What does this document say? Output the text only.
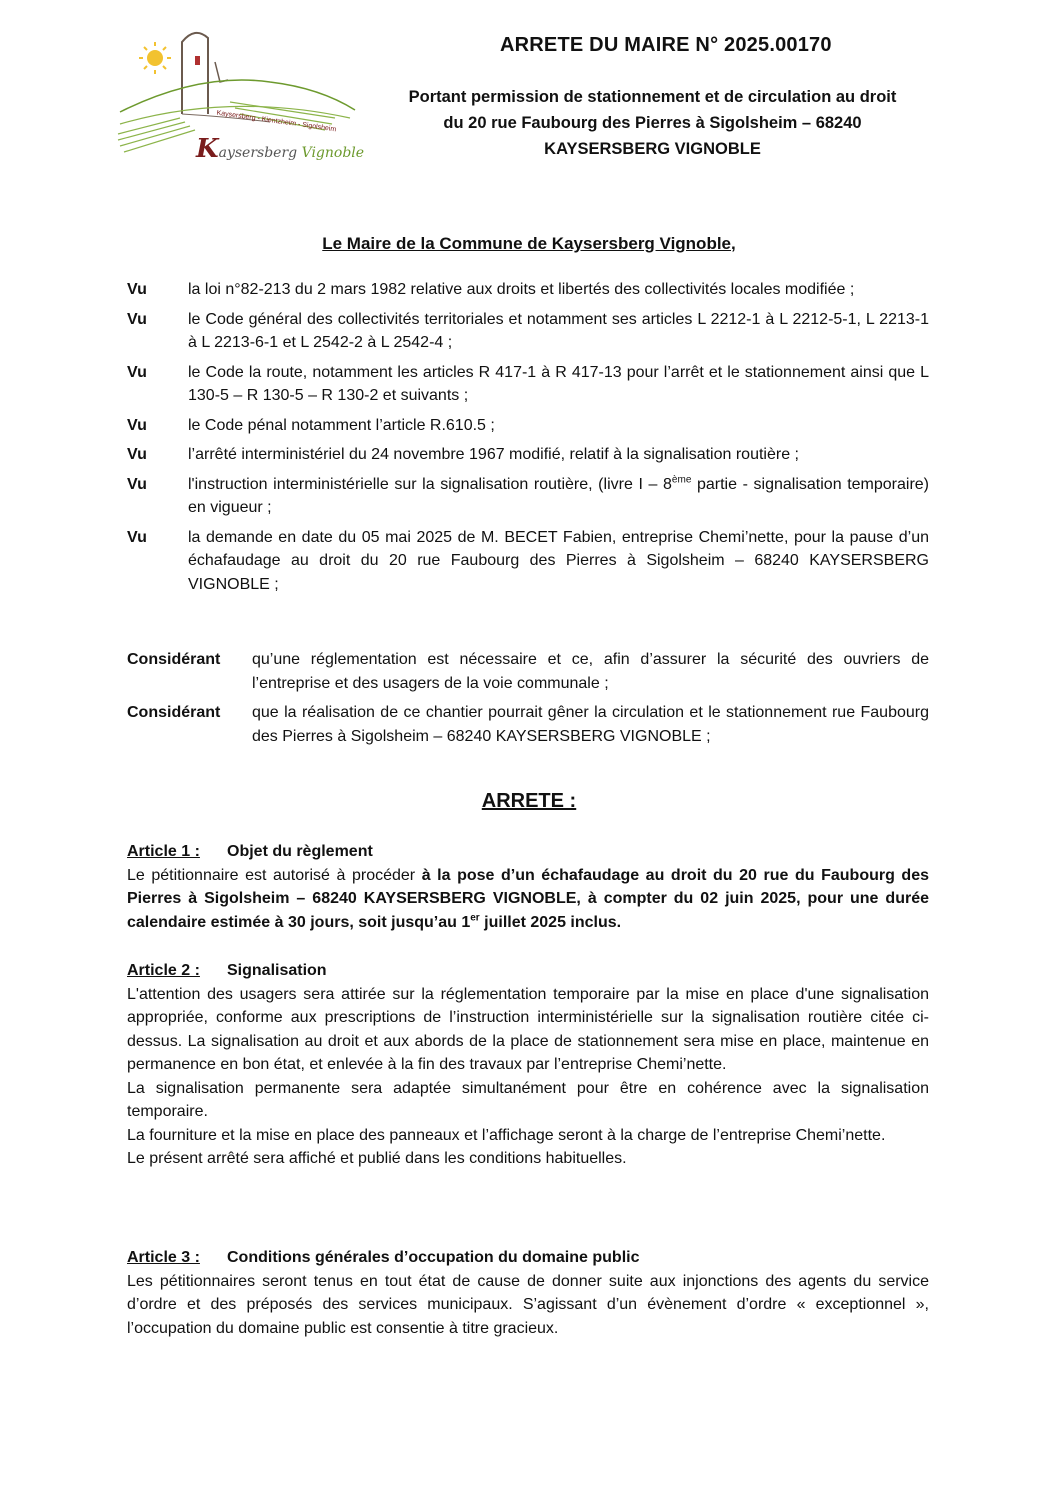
Kaysersberg - Kientzheim - Sigolsheim
Kaysersberg Vignoble
ARRETE DU MAIRE N° 2025.00170
Portant permission de stationnement et de circulation au droit
du 20 rue Faubourg des Pierres à Sigolsheim – 68240
KAYSERSBERG VIGNOBLE
Le Maire de la Commune de Kaysersberg Vignoble,
Vu	la loi n°82-213 du 2 mars 1982 relative aux droits et libertés des collectivités locales modifiée ;
Vu	le Code général des collectivités territoriales et notamment ses articles L 2212-1 à L 2212-5-1, L 2213-1 à L 2213-6-1 et L 2542-2 à L 2542-4 ;
Vu	le Code la route, notamment les articles R 417-1 à R 417-13 pour l’arrêt et le stationnement ainsi que L 130-5 – R 130-5 – R 130-2 et suivants ;
Vu	le Code pénal notamment l’article R.610.5 ;
Vu	l’arrêté interministériel du 24 novembre 1967 modifié, relatif à la signalisation routière ;
Vu	l'instruction interministérielle sur la signalisation routière, (livre I – 8ème partie - signalisation temporaire) en vigueur ;
Vu	la demande en date du 05 mai 2025 de M. BECET Fabien, entreprise Chemi’nette, pour la pause d’un échafaudage au droit du 20 rue Faubourg des Pierres à Sigolsheim – 68240 KAYSERSBERG VIGNOBLE ;
Considérant	qu’une réglementation est nécessaire et ce, afin d’assurer la sécurité des ouvriers de l’entreprise et des usagers de la voie communale ;
Considérant	que la réalisation de ce chantier pourrait gêner la circulation et le stationnement rue Faubourg des Pierres à Sigolsheim – 68240 KAYSERSBERG VIGNOBLE ;
ARRETE :
Article 1 :	Objet du règlement

Le pétitionnaire est autorisé à procéder à la pose d’un échafaudage au droit du 20 rue du Faubourg des Pierres à Sigolsheim – 68240 KAYSERSBERG VIGNOBLE, à compter du 02 juin 2025, pour une durée calendaire estimée à 30 jours, soit jusqu’au 1er juillet 2025 inclus.

Article 2 :	Signalisation

L'attention des usagers sera attirée sur la réglementation temporaire par la mise en place d'une signalisation appropriée, conforme aux prescriptions de l’instruction interministérielle sur la signalisation routière citée ci-dessus. La signalisation au droit et aux abords de la place de stationnement sera mise en place, maintenue en permanence en bon état, et enlevée à la fin des travaux par l’entreprise Chemi’nette.

La signalisation permanente sera adaptée simultanément pour être en cohérence avec la signalisation temporaire.

La fourniture et la mise en place des panneaux et l’affichage seront à la charge de l’entreprise Chemi’nette.

Le présent arrêté sera affiché et publié dans les conditions habituelles.

Article 3 :	Conditions générales d’occupation du domaine public

Les pétitionnaires seront tenus en tout état de cause de donner suite aux injonctions des agents du service d’ordre et des préposés des services municipaux. S’agissant d’un évènement d’ordre « exceptionnel », l’occupation du domaine public est consentie à titre gracieux.
